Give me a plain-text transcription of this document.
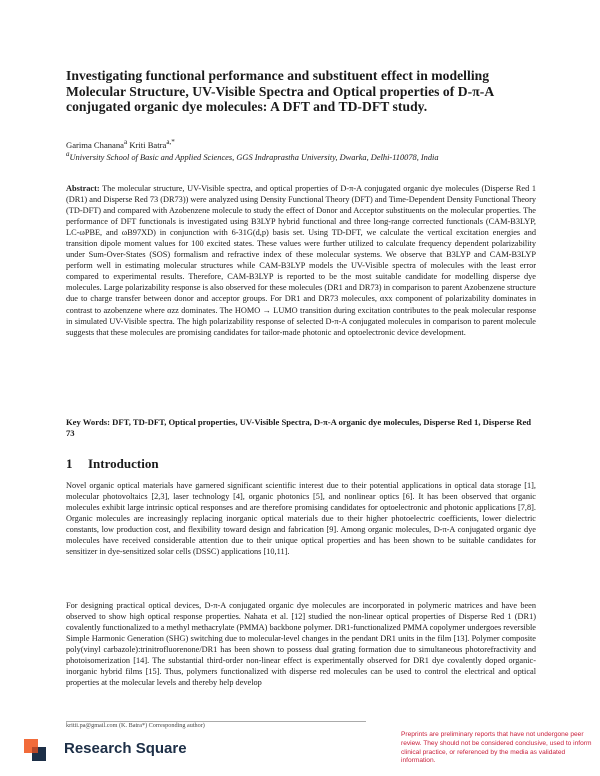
Investigating functional performance and substituent effect in modelling Molecular Structure, UV-Visible Spectra and Optical properties of D-π-A conjugated organic dye molecules: A DFT and TD-DFT study.
Garima Chanana$^a$ Kriti Batra$^{a,*}$
$^a$University School of Basic and Applied Sciences, GGS Indraprastha University, Dwarka, Delhi-110078, India
Abstract: The molecular structure, UV-Visible spectra, and optical properties of D-π-A conjugated organic dye molecules (Disperse Red 1 (DR1) and Disperse Red 73 (DR73)) were analyzed using Density Functional Theory (DFT) and Time-Dependent Density Functional Theory (TD-DFT) and compared with Azobenzene molecule to study the effect of Donor and Acceptor substituents on the molecular properties. The performance of DFT functionals is investigated using B3LYP hybrid functional and three long-range corrected functionals (CAM-B3LYP, LC-ωPBE, and ωB97XD) in conjunction with 6-31G(d,p) basis set. Using TD-DFT, we calculate the vertical excitation energies and transition dipole moment values for 100 excited states. These values were further utilized to calculate frequency dependent polarizability under Sum-Over-States (SOS) formalism and refractive index of these molecular systems. We observe that B3LYP and CAM-B3LYP perform well in estimating molecular structures while CAM-B3LYP models the UV-Visible spectra of molecules with the least error compared to experimental results. Therefore, CAM-B3LYP is reported to be the most suitable candidate for modelling disperse dye molecules. Large polarizability response is also observed for these molecules (DR1 and DR73) in comparison to parent Azobenzene structure due to charge transfer between donor and acceptor groups. For DR1 and DR73 molecules, αxx component of polarizability dominates in contrast to azobenzene where αzz dominates. The HOMO → LUMO transition during excitation contributes to the peak molecular response in simulated UV-Visible spectra. The high polarizability response of selected D-π-A conjugated molecules in comparison to parent molecule suggests that these molecules are promising candidates for tailor-made photonic and optoelectronic device development.
Key Words: DFT, TD-DFT, Optical properties, UV-Visible Spectra, D-π-A organic dye molecules, Disperse Red 1, Disperse Red 73
1 Introduction
Novel organic optical materials have garnered significant scientific interest due to their potential applications in optical data storage [1], molecular photovoltaics [2,3], laser technology [4], organic photonics [5], and nonlinear optics [6]. It has been observed that organic molecules exhibit large intrinsic optical responses and are therefore promising candidates for optoelectronic and photonic applications [7,8]. Organic molecules are increasingly replacing inorganic optical materials due to their higher photoelectric coefficients, lower dielectric constants, low production cost, and flexibility toward design and fabrication [9]. Among organic molecules, D-π-A conjugated organic dye molecules have received considerable attention due to their unique optical properties and has been shown to be suitable candidates for sensitizer in dye-sensitized solar cells (DSSC) applications [10,11].
For designing practical optical devices, D-π-A conjugated organic dye molecules are incorporated in polymeric matrices and have been observed to show high optical response properties. Nahata et al. [12] studied the non-linear optical properties of Disperse Red 1 (DR1) covalently functionalized to a methyl methacrylate (PMMA) backbone polymer. DR1-functionalized PMMA copolymer undergoes reversible Simple Harmonic Generation (SHG) switching due to molecular-level changes in the pendant DR1 units in the film [13]. Polymer composite poly(vinyl carbazole):trinitrofluorenone/DR1 has been shown to possess dual grating formation due to simultaneous photorefractivity and photoisomerization [14]. The substantial third-order non-linear effect is experimentally observed for DR1 dye covalently doped organic-inorganic hybrid films [15]. Thus, polymers functionalized with disperse red molecules can be used to control the electrical and optical properties at the molecular levels and thereby help develop
kritii.pa@gmail.com (K. Batra*) Corresponding author)
Research Square
Preprints are preliminary reports that have not undergone peer review. They should not be considered conclusive, used to inform clinical practice, or referenced by the media as validated information.
